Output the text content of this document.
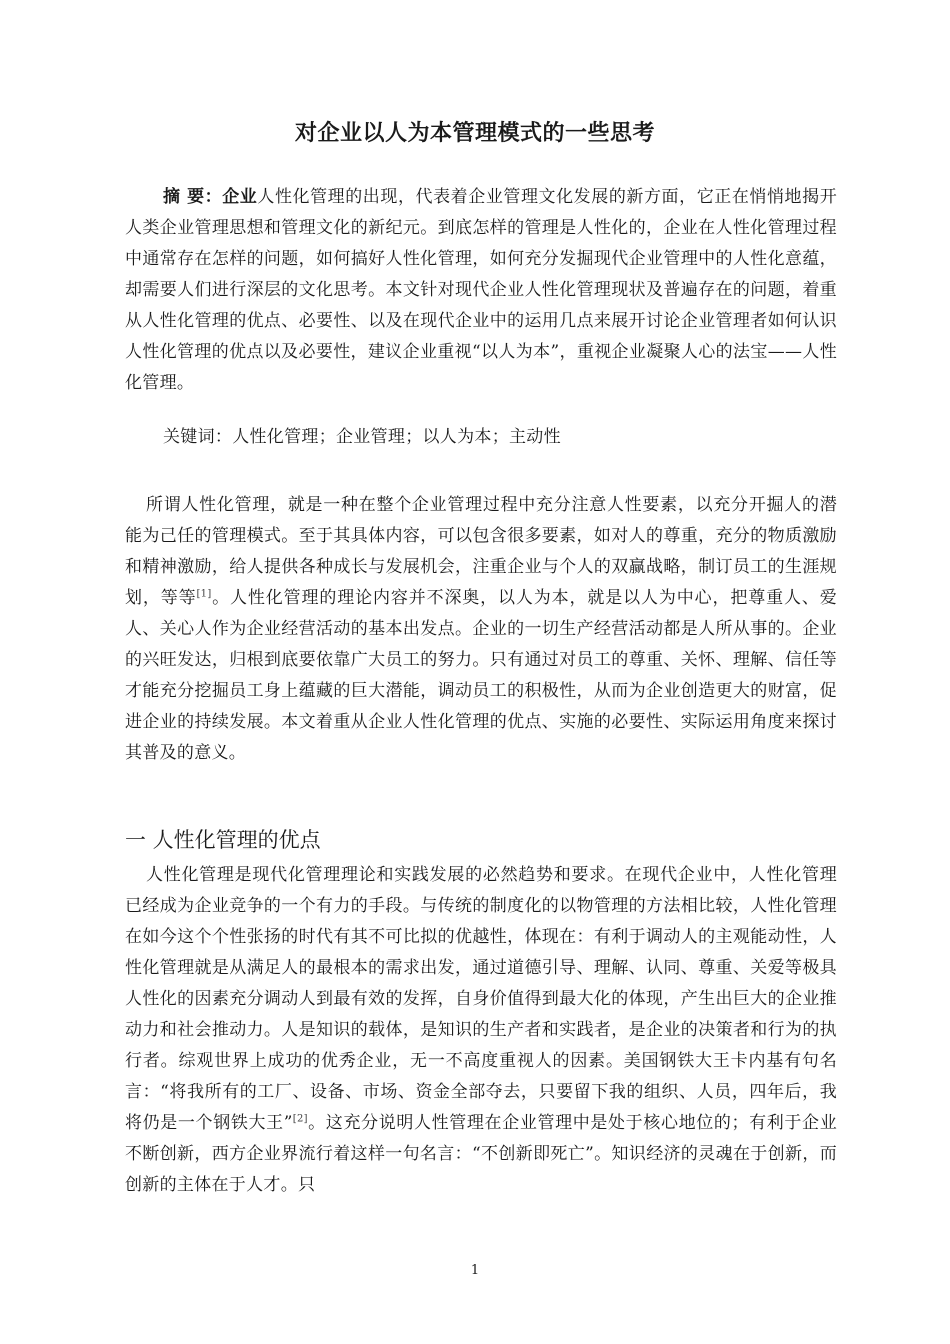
对企业以人为本管理模式的一些思考

摘 要：企业人性化管理的出现，代表着企业管理文化发展的新方面，它正在悄悄地揭开人类企业管理思想和管理文化的新纪元。到底怎样的管理是人性化的，企业在人性化管理过程中通常存在怎样的问题，如何搞好人性化管理，如何充分发掘现代企业管理中的人性化意蕴，却需要人们进行深层的文化思考。本文针对现代企业人性化管理现状及普遍存在的问题，着重从人性化管理的优点、必要性、以及在现代企业中的运用几点来展开讨论企业管理者如何认识人性化管理的优点以及必要性，建议企业重视“以人为本”，重视企业凝聚人心的法宝——人性化管理。

关键词：人性化管理；企业管理；以人为本；主动性

所谓人性化管理，就是一种在整个企业管理过程中充分注意人性要素，以充分开掘人的潜能为己任的管理模式。至于其具体内容，可以包含很多要素，如对人的尊重，充分的物质激励和精神激励，给人提供各种成长与发展机会，注重企业与个人的双赢战略，制订员工的生涯规划，等等[1]。人性化管理的理论内容并不深奥，以人为本，就是以人为中心，把尊重人、爱人、关心人作为企业经营活动的基本出发点。企业的一切生产经营活动都是人所从事的。企业的兴旺发达，归根到底要依靠广大员工的努力。只有通过对员工的尊重、关怀、理解、信任等才能充分挖掘员工身上蕴藏的巨大潜能，调动员工的积极性，从而为企业创造更大的财富，促进企业的持续发展。本文着重从企业人性化管理的优点、实施的必要性、实际运用角度来探讨其普及的意义。

一 人性化管理的优点

人性化管理是现代化管理理论和实践发展的必然趋势和要求。在现代企业中，人性化管理已经成为企业竞争的一个有力的手段。与传统的制度化的以物管理的方法相比较，人性化管理在如今这个个性张扬的时代有其不可比拟的优越性，体现在：有利于调动人的主观能动性，人性化管理就是从满足人的最根本的需求出发，通过道德引导、理解、认同、尊重、关爱等极具人性化的因素充分调动人到最有效的发挥，自身价值得到最大化的体现，产生出巨大的企业推动力和社会推动力。人是知识的载体，是知识的生产者和实践者，是企业的决策者和行为的执行者。综观世界上成功的优秀企业，无一不高度重视人的因素。美国钢铁大王卡内基有句名言：“将我所有的工厂、设备、市场、资金全部夺去，只要留下我的组织、人员，四年后，我将仍是一个钢铁大王”[2]。这充分说明人性管理在企业管理中是处于核心地位的；有利于企业不断创新，西方企业界流行着这样一句名言：“不创新即死亡”。知识经济的灵魂在于创新，而创新的主体在于人才。只

1
